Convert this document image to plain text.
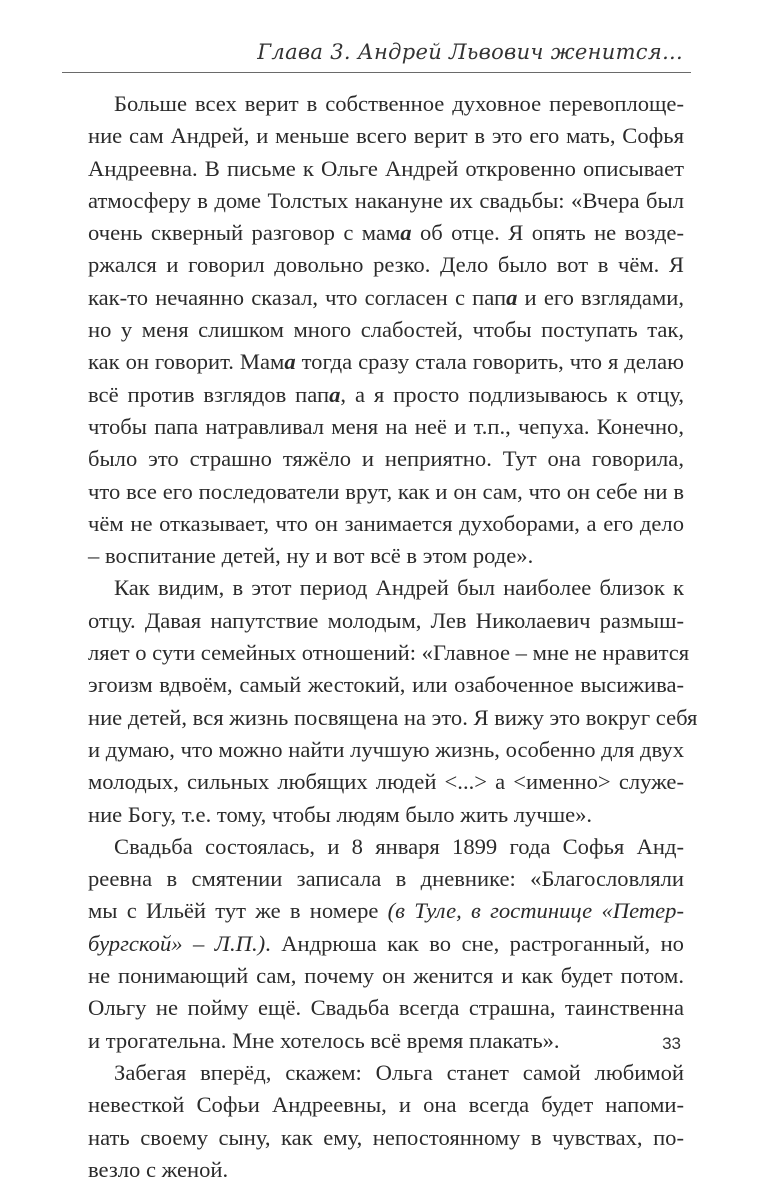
Глава 3. Андрей Львович женится...
Больше всех верит в собственное духовное перевоплоще-
ние сам Андрей, и меньше всего верит в это его мать, Софья
Андреевна. В письме к Ольге Андрей откровенно описывает
атмосферу в доме Толстых накануне их свадьбы: «Вчера был
очень скверный разговор с мама об отце. Я опять не возде-
ржался и говорил довольно резко. Дело было вот в чём. Я
как-то нечаянно сказал, что согласен с папа и его взглядами,
но у меня слишком много слабостей, чтобы поступать так,
как он говорит. Мама тогда сразу стала говорить, что я делаю
всё против взглядов папа, а я просто подлизываюсь к отцу,
чтобы папа натравливал меня на неё и т.п., чепуха. Конечно,
было это страшно тяжёло и неприятно. Тут она говорила,
что все его последователи врут, как и он сам, что он себе ни в
чём не отказывает, что он занимается духоборами, а его дело
– воспитание детей, ну и вот всё в этом роде».
Как видим, в этот период Андрей был наиболее близок к
отцу. Давая напутствие молодым, Лев Николаевич размыш-
ляет о сути семейных отношений: «Главное – мне не нравится
эгоизм вдвоём, самый жестокий, или озабоченное высижива-
ние детей, вся жизнь посвящена на это. Я вижу это вокруг себя
и думаю, что можно найти лучшую жизнь, особенно для двух
молодых, сильных любящих людей <...> а <именно> служе-
ние Богу, т.е. тому, чтобы людям было жить лучше».
Свадьба состоялась, и 8 января 1899 года Софья Анд-
реевна в смятении записала в дневнике: «Благословляли
мы с Ильёй тут же в номере (в Туле, в гостинице «Петер-
бургской» – Л.П.). Андрюша как во сне, растроганный, но
не понимающий сам, почему он женится и как будет потом.
Ольгу не пойму ещё. Свадьба всегда страшна, таинственна
и трогательна. Мне хотелось всё время плакать».
Забегая вперёд, скажем: Ольга станет самой любимой
невесткой Софьи Андреевны, и она всегда будет напоми-
нать своему сыну, как ему, непостоянному в чувствах, по-
везло с женой.
33
